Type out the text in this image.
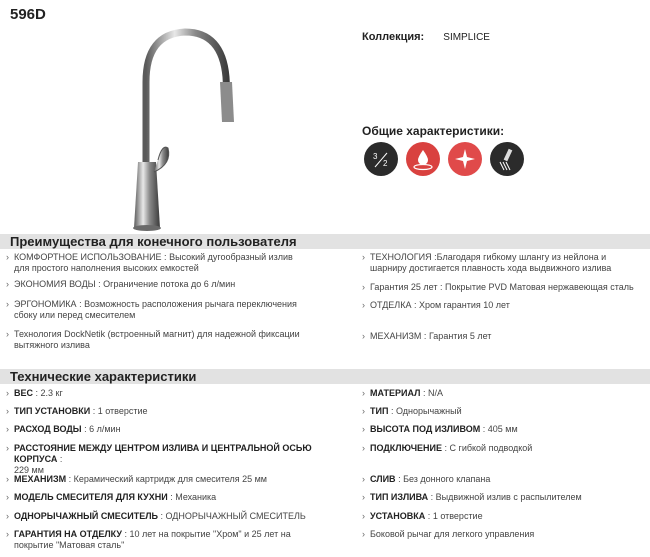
596D
Коллекция: SIMPLICE
Общие характеристики:
3
2
Преимущества для конечного пользователя
› КОМФОРТНОЕ ИСПОЛЬЗОВАНИЕ : Высокий дугообразный излив для простого наполнения высоких емкостей
› ЭКОНОМИЯ ВОДЫ : Ограничение потока до 6 л/мин
› ЭРГОНОМИКА : Возможность расположения рычага переключения сбоку или перед смесителем
› Технология DockNetik (встроенный магнит) для надежной фиксации вытяжного излива
› ТЕХНОЛОГИЯ :Благодаря гибкому шлангу из нейлона и шарниру достигается плавность хода выдвижного излива
› Гарантия 25 лет : Покрытие PVD Матовая нержавеющая сталь
› ОТДЕЛКА : Хром гарантия 10 лет
› МЕХАНИЗМ : Гарантия 5 лет
Технические характеристики
› ВЕС : 2.3 кг
› ТИП УСТАНОВКИ : 1 отверстие
› РАСХОД ВОДЫ : 6 л/мин
› РАССТОЯНИЕ МЕЖДУ ЦЕНТРОМ ИЗЛИВА И ЦЕНТРАЛЬНОЙ ОСЬЮ КОРПУСА :
229 мм
› МЕХАНИЗМ : Керамический картридж для смесителя 25 мм
› МОДЕЛЬ СМЕСИТЕЛЯ ДЛЯ КУХНИ : Механика
› ОДНОРЫЧАЖНЫЙ СМЕСИТЕЛЬ : ОДНОРЫЧАЖНЫЙ СМЕСИТЕЛЬ
› ГАРАНТИЯ НА ОТДЕЛКУ : 10 лет на покрытие "Хром" и 25 лет на покрытие "Матовая сталь"
› МАТЕРИАЛ : N/A
› ТИП : Однорычажный
› ВЫСОТА ПОД ИЗЛИВОМ : 405 мм
› ПОДКЛЮЧЕНИЕ : С гибкой подводкой
› СЛИВ : Без донного клапана
› ТИП ИЗЛИВА : Выдвижной излив с распылителем
› УСТАНОВКА : 1 отверстие
› Боковой рычаг для легкого управления
